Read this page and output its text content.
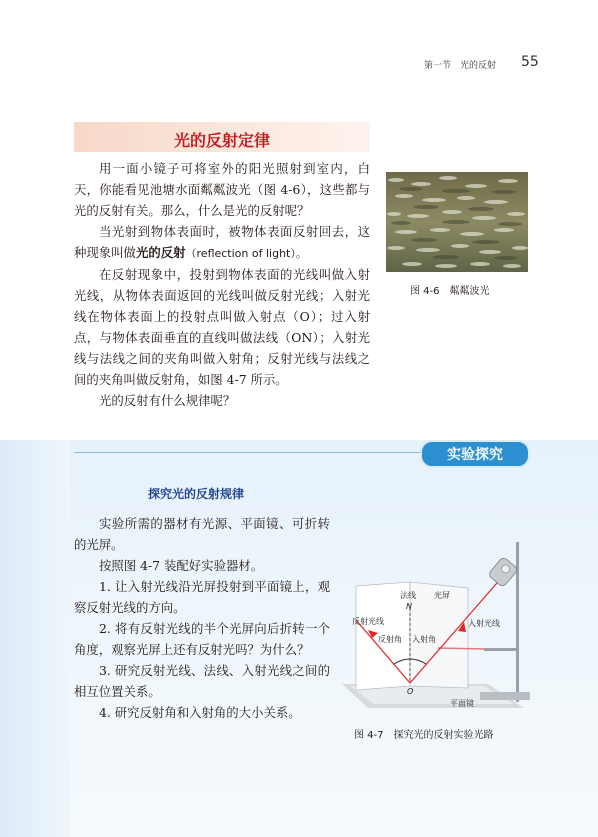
第一节　光的反射 55
光的反射定律

用一面小镜子可将室外的阳光照射到室内，白天，你能看见池塘水面粼粼波光（图 4-6），这些都与光的反射有关。那么，什么是光的反射呢？

当光射到物体表面时，被物体表面反射回去，这种现象叫做光的反射（reflection of light）。

在反射现象中，投射到物体表面的光线叫做入射光线，从物体表面返回的光线叫做反射光线；入射光线在物体表面上的投射点叫做入射点（O）；过入射点，与物体表面垂直的直线叫做法线（ON）；入射光线与法线之间的夹角叫做入射角；反射光线与法线之间的夹角叫做反射角，如图 4-7 所示。

光的反射有什么规律呢？

图 4-6　粼粼波光
实验探究
探究光的反射规律

实验所需的器材有光源、平面镜、可折转的光屏。

按照图 4-7 装配好实验器材。

1. 让入射光线沿光屏投射到平面镜上，观察反射光线的方向。

2. 将有反射光线的半个光屏向后折转一个角度，观察光屏上还有反射光吗？为什么？

3. 研究反射光线、法线、入射光线之间的相互位置关系。

4. 研究反射角和入射角的大小关系。

法线
N
光屏
反射光线	入射光线
反射角 入射角
O
平面镜
图 4-7　探究光的反射实验光路
